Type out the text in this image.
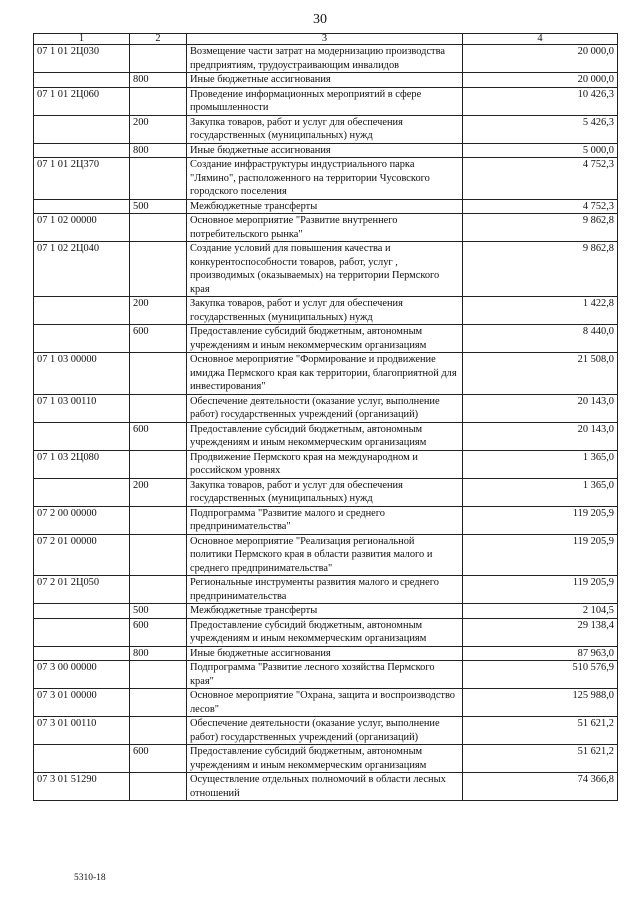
30
1	2	3	4
07 1 01 2Ц030		Возмещение части затрат на модернизацию производства предприятиям, трудоустраивающим инвалидов	20 000,0
	800	Иные бюджетные ассигнования	20 000,0
07 1 01 2Ц060		Проведение информационных мероприятий в сфере промышленности	10 426,3
	200	Закупка товаров, работ и услуг для обеспечения государственных (муниципальных) нужд	5 426,3
	800	Иные бюджетные ассигнования	5 000,0
07 1 01 2Ц370		Создание инфраструктуры индустриального парка "Лямино", расположенного на территории Чусовского городского поселения	4 752,3
	500	Межбюджетные трансферты	4 752,3
07 1 02 00000		Основное мероприятие "Развитие внутреннего потребительского рынка"	9 862,8
07 1 02 2Ц040		Создание условий для повышения качества и конкурентоспособности товаров, работ, услуг , производимых (оказываемых) на территории Пермского края	9 862,8
	200	Закупка товаров, работ и услуг для обеспечения государственных (муниципальных) нужд	1 422,8
	600	Предоставление субсидий бюджетным, автономным учреждениям и иным некоммерческим организациям	8 440,0
07 1 03 00000		Основное мероприятие "Формирование и продвижение имиджа Пермского края как территории, благоприятной для инвестирования"	21 508,0
07 1 03 00110		Обеспечение деятельности (оказание услуг, выполнение работ) государственных учреждений (организаций)	20 143,0
	600	Предоставление субсидий бюджетным, автономным учреждениям и иным некоммерческим организациям	20 143,0
07 1 03 2Ц080		Продвижение Пермского края на международном и российском уровнях	1 365,0
	200	Закупка товаров, работ и услуг для обеспечения государственных (муниципальных) нужд	1 365,0
07 2 00 00000		Подпрограмма "Развитие малого и среднего предпринимательства"	119 205,9
07 2 01 00000		Основное мероприятие "Реализация региональной политики Пермского края в области развития малого и среднего предпринимательства"	119 205,9
07 2 01 2Ц050		Региональные инструменты развития малого и среднего предпринимательства	119 205,9
	500	Межбюджетные трансферты	2 104,5
	600	Предоставление субсидий бюджетным, автономным учреждениям и иным некоммерческим организациям	29 138,4
	800	Иные бюджетные ассигнования	87 963,0
07 3 00 00000		Подпрограмма "Развитие лесного хозяйства Пермского края"	510 576,9
07 3 01 00000		Основное мероприятие "Охрана, защита и воспроизводство лесов"	125 988,0
07 3 01 00110		Обеспечение деятельности (оказание услуг, выполнение работ) государственных учреждений (организаций)	51 621,2
	600	Предоставление субсидий бюджетным, автономным учреждениям и иным некоммерческим организациям	51 621,2
07 3 01 51290		Осуществление отдельных полномочий в области лесных отношений	74 366,8
5310-18
